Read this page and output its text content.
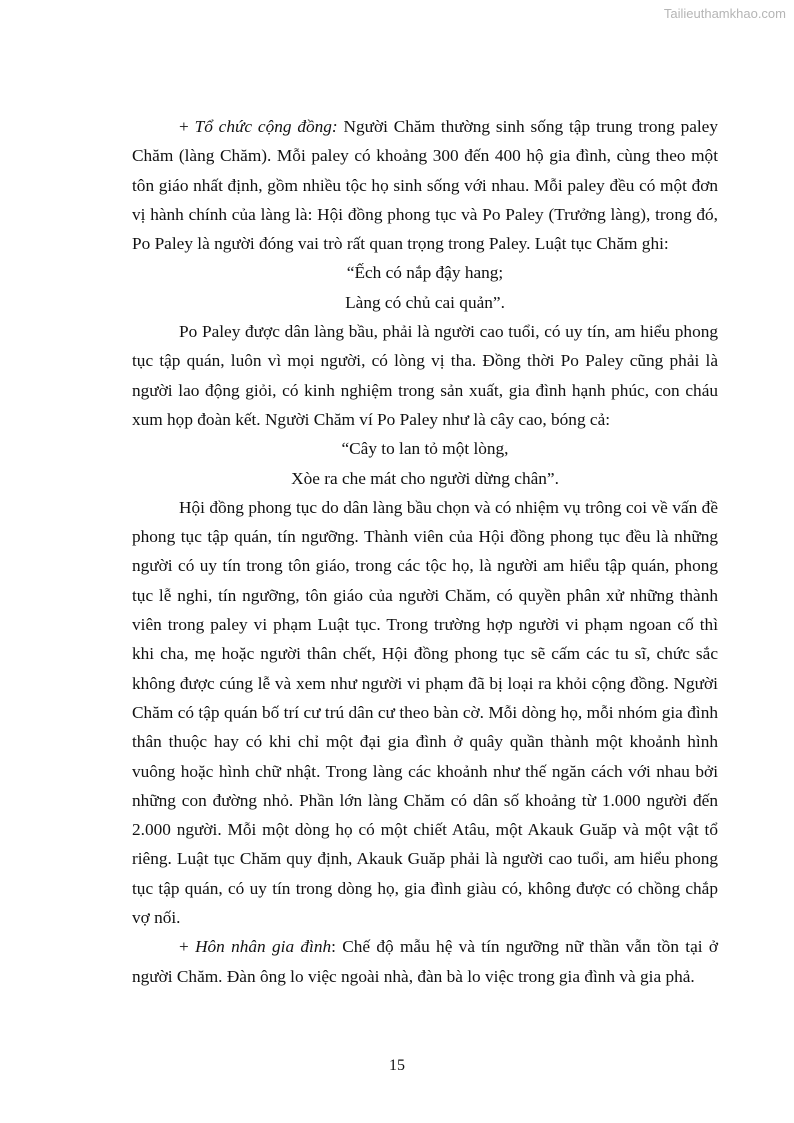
Tailieuthamkhao.com

+ Tổ chức cộng đồng: Người Chăm thường sinh sống tập trung trong paley Chăm (làng Chăm). Mỗi paley có khoảng 300 đến 400 hộ gia đình, cùng theo một tôn giáo nhất định, gồm nhiều tộc họ sinh sống với nhau. Mỗi paley đều có một đơn vị hành chính của làng là: Hội đồng phong tục và Po Paley (Trưởng làng), trong đó, Po Paley là người đóng vai trò rất quan trọng trong Paley. Luật tục Chăm ghi:

“Ếch có nắp đậy hang;

Làng có chủ cai quản”.

Po Paley được dân làng bầu, phải là người cao tuổi, có uy tín, am hiểu phong tục tập quán, luôn vì mọi người, có lòng vị tha. Đồng thời Po Paley cũng phải là người lao động giỏi, có kinh nghiệm trong sản xuất, gia đình hạnh phúc, con cháu xum họp đoàn kết. Người Chăm ví Po Paley như là cây cao, bóng cả:

“Cây to lan tỏ một lòng,

Xòe ra che mát cho người dừng chân”.

Hội đồng phong tục do dân làng bầu chọn và có nhiệm vụ trông coi về vấn đề phong tục tập quán, tín ngưỡng. Thành viên của Hội đồng phong tục đều là những người có uy tín trong tôn giáo, trong các tộc họ, là người am hiểu tập quán, phong tục lễ nghi, tín ngưỡng, tôn giáo của người Chăm, có quyền phân xử những thành viên trong paley vi phạm Luật tục. Trong trường hợp người vi phạm ngoan cố thì khi cha, mẹ hoặc người thân chết, Hội đồng phong tục sẽ cấm các tu sĩ, chức sắc không được cúng lễ và xem như người vi phạm đã bị loại ra khỏi cộng đồng. Người Chăm có tập quán bố trí cư trú dân cư theo bàn cờ. Mỗi dòng họ, mỗi nhóm gia đình thân thuộc hay có khi chỉ một đại gia đình ở quây quần thành một khoảnh hình vuông hoặc hình chữ nhật. Trong làng các khoảnh như thế ngăn cách với nhau bởi những con đường nhỏ. Phần lớn làng Chăm có dân số khoảng từ 1.000 người đến 2.000 người. Mỗi một dòng họ có một chiết Atâu, một Akauk Guăp và một vật tổ riêng. Luật tục Chăm quy định, Akauk Guăp phải là người cao tuổi, am hiểu phong tục tập quán, có uy tín trong dòng họ, gia đình giàu có, không được có chồng chắp vợ nối.

+ Hôn nhân gia đình: Chế độ mẫu hệ và tín ngưỡng nữ thần vẫn tồn tại ở người Chăm. Đàn ông lo việc ngoài nhà, đàn bà lo việc trong gia đình và gia phả.

15
